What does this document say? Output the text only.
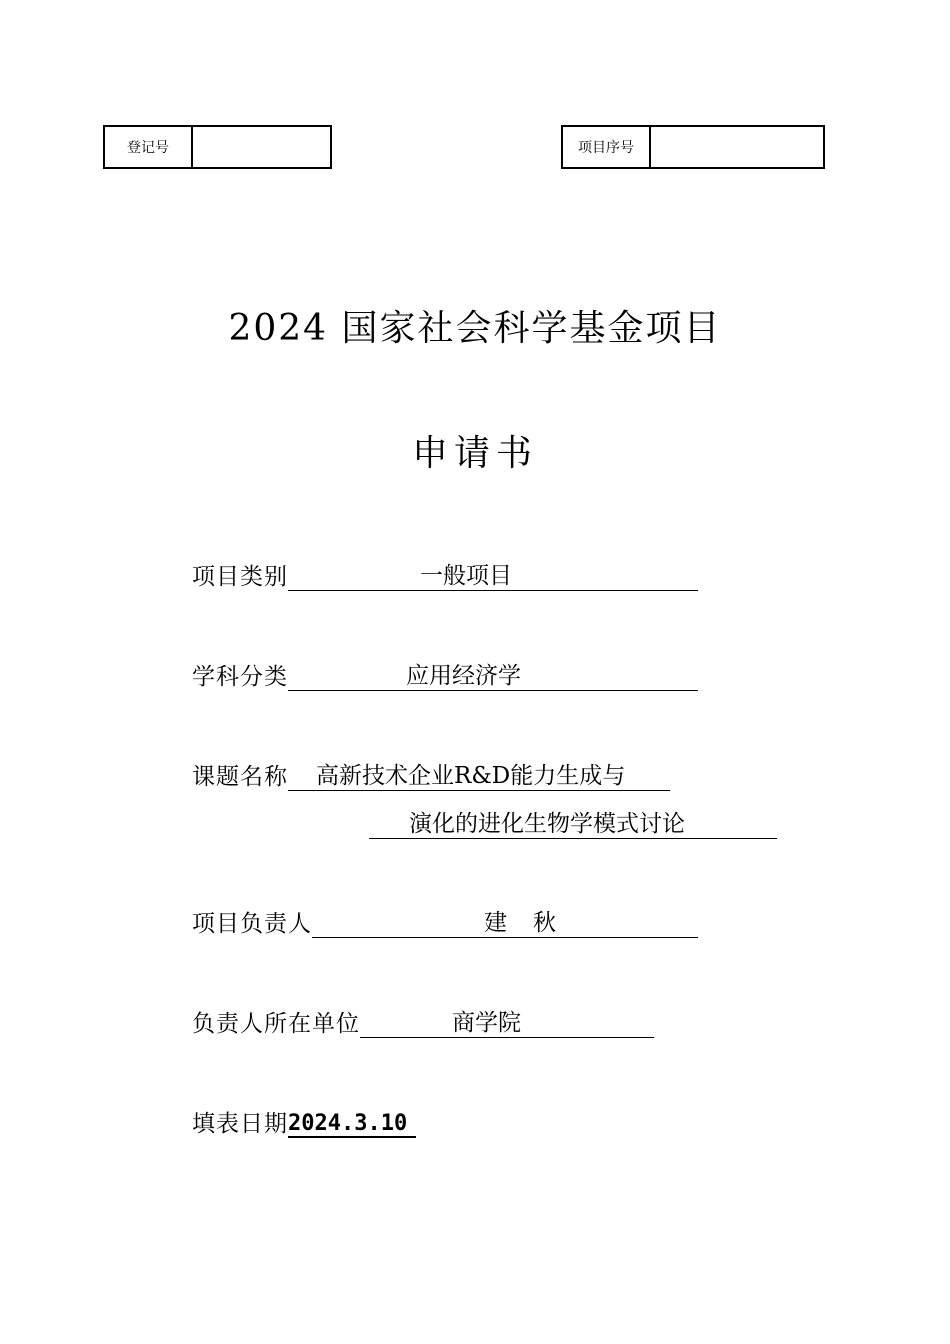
登记号	项目序号
2024 国家社会科学基金项目
申请书
项目类别	一般项目
学科分类	应用经济学
课题名称 高新技术企业R&D能力生成与
演化的进化生物学模式讨论
项目负责人	建秋
负责人所在单位	商学院
填表日期 2024.3.10
